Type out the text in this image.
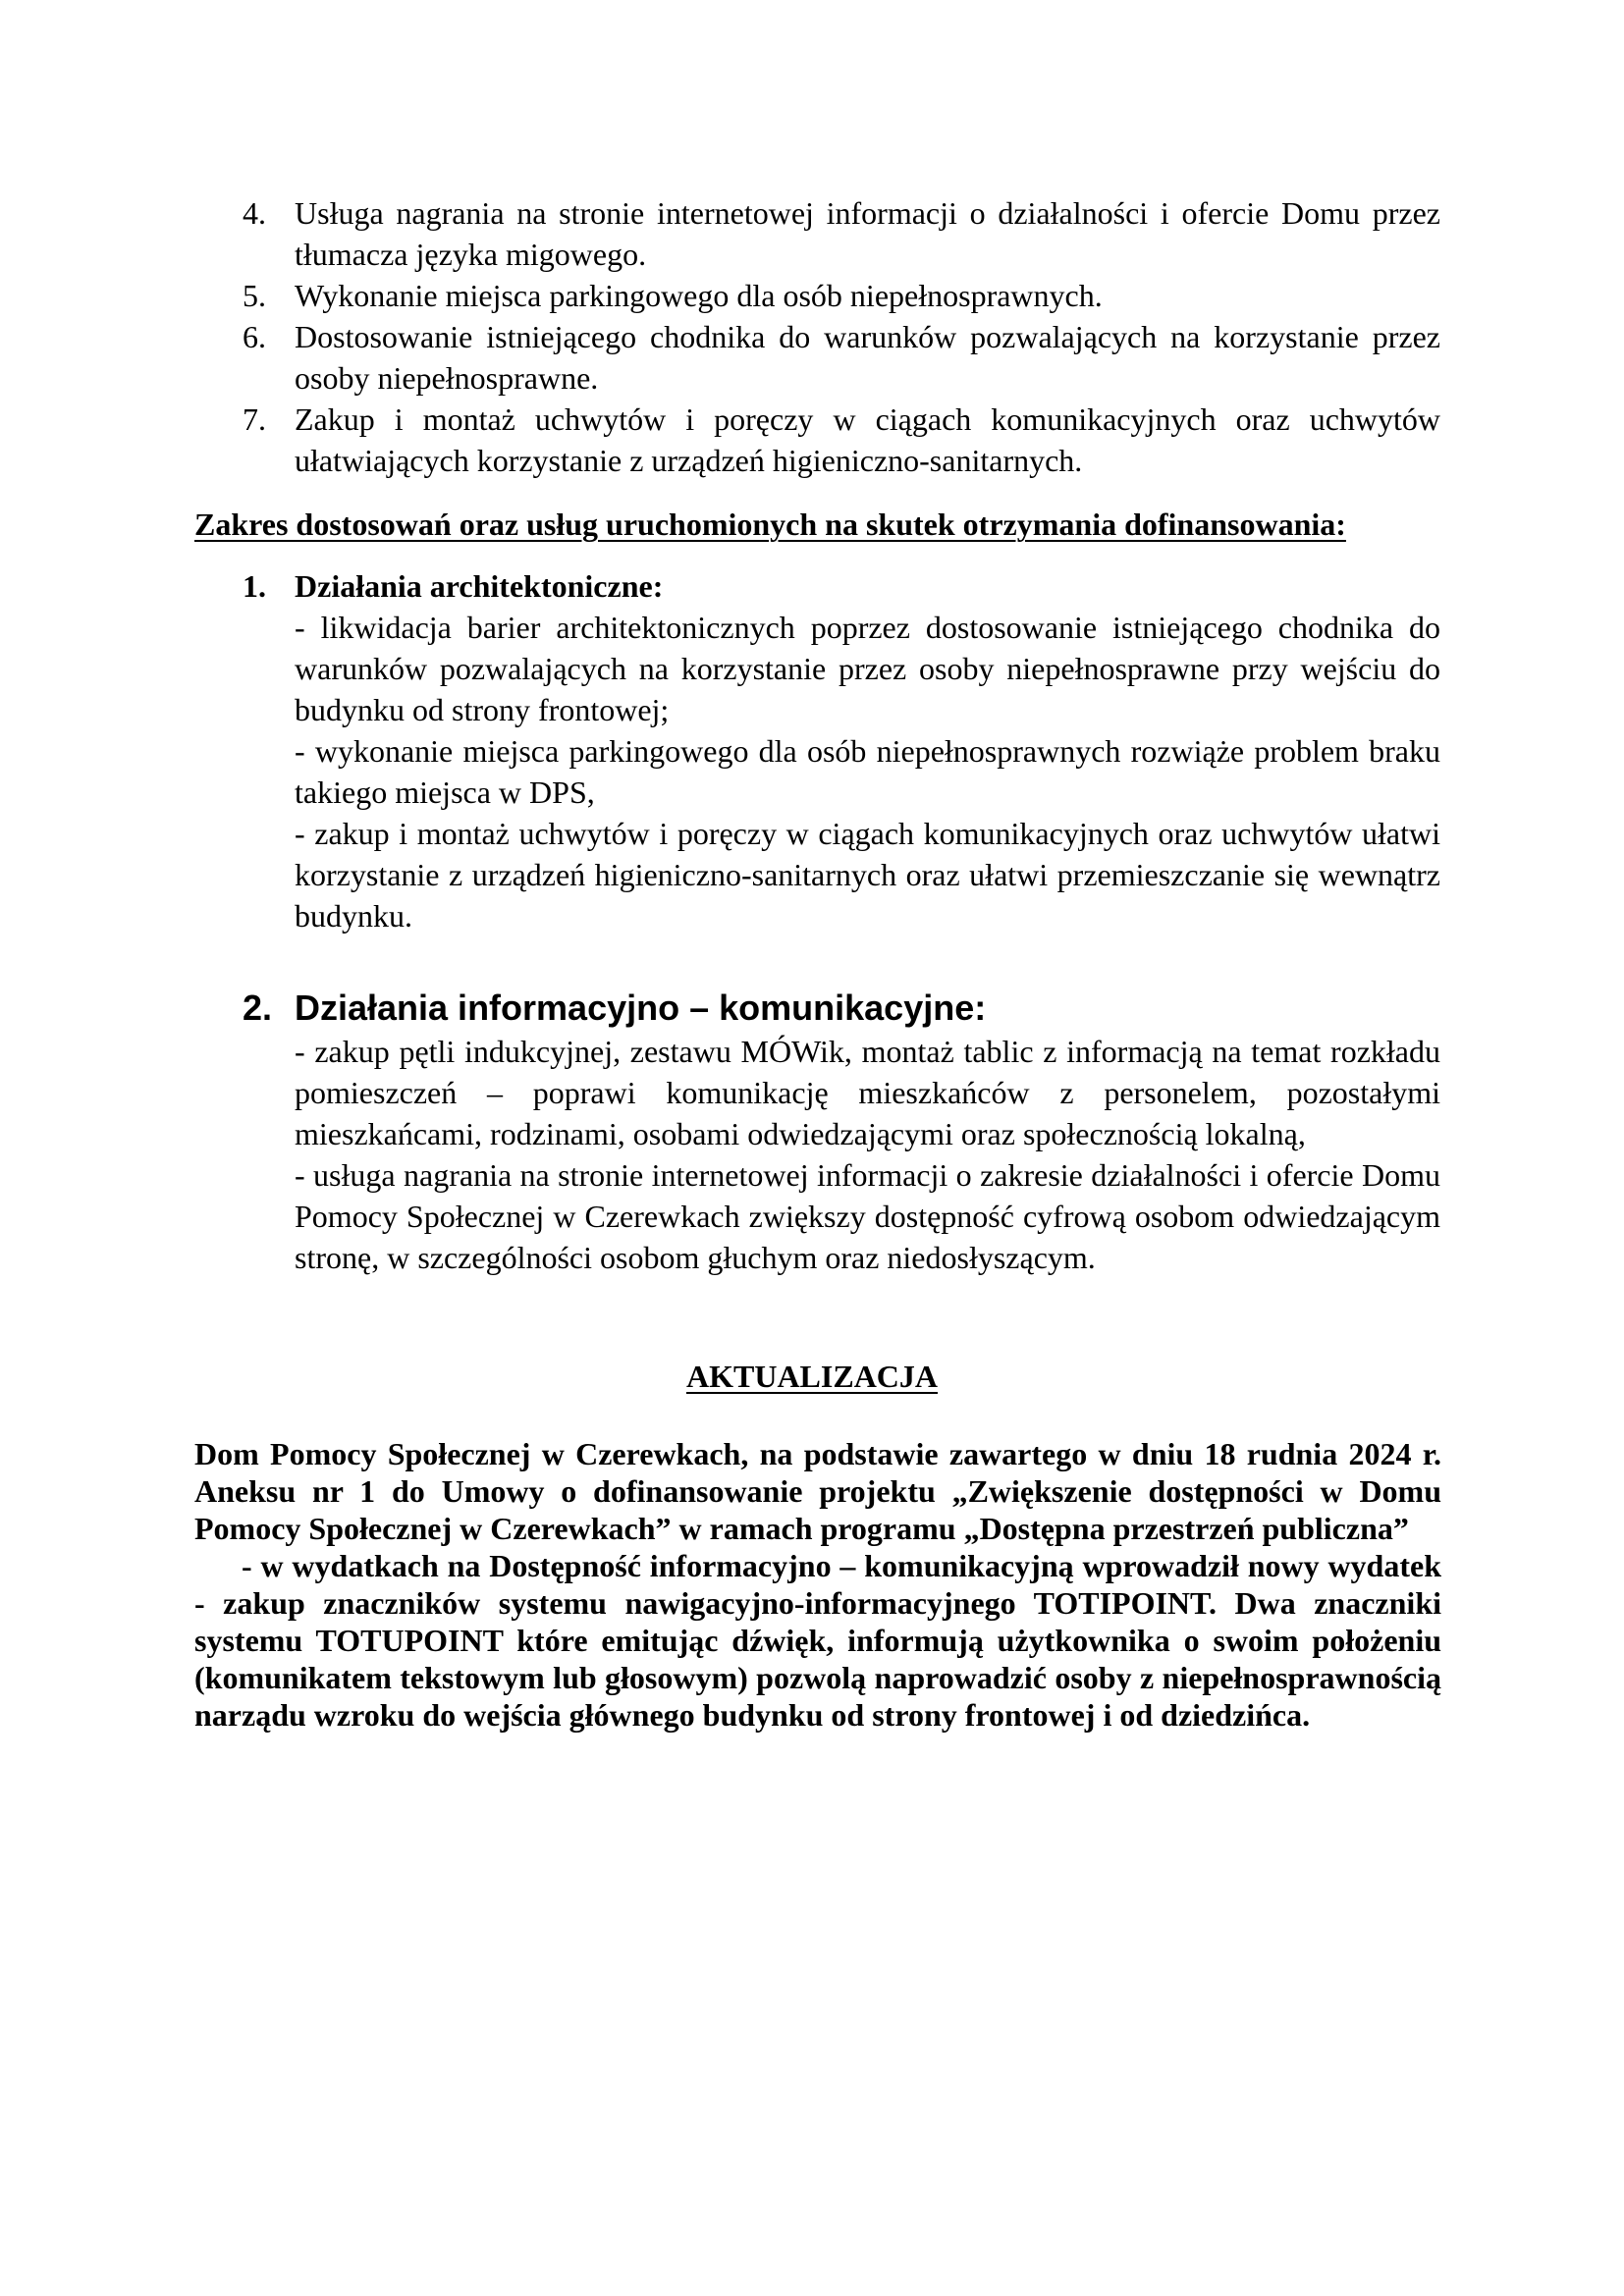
4. Usługa nagrania na stronie internetowej informacji o działalności i ofercie Domu przez tłumacza języka migowego.
5. Wykonanie miejsca parkingowego dla osób niepełnosprawnych.
6. Dostosowanie istniejącego chodnika do warunków pozwalających na korzystanie przez osoby niepełnosprawne.
7. Zakup i montaż uchwytów i poręczy w ciągach komunikacyjnych oraz uchwytów ułatwiających korzystanie z urządzeń higieniczno-sanitarnych.
Zakres dostosowań oraz usług uruchomionych na skutek otrzymania dofinansowania:
1. Działania architektoniczne:
- likwidacja barier architektonicznych poprzez dostosowanie istniejącego chodnika do warunków pozwalających na korzystanie przez osoby niepełnosprawne przy wejściu do budynku od strony frontowej;
- wykonanie miejsca parkingowego dla osób niepełnosprawnych rozwiąże problem braku takiego miejsca w DPS,
- zakup i montaż uchwytów i poręczy w ciągach komunikacyjnych oraz uchwytów ułatwi korzystanie z urządzeń higieniczno-sanitarnych oraz ułatwi przemieszczanie się wewnątrz budynku.
2. Działania informacyjno – komunikacyjne:
- zakup pętli indukcyjnej, zestawu MÓWik, montaż tablic z informacją na temat rozkładu pomieszczeń – poprawi komunikację mieszkańców z personelem, pozostałymi mieszkańcami, rodzinami, osobami odwiedzającymi oraz społecznością lokalną,
- usługa nagrania na stronie internetowej informacji o zakresie działalności i ofercie Domu Pomocy Społecznej w Czerewkach zwiększy dostępność cyfrową osobom odwiedzającym stronę, w szczególności osobom głuchym oraz niedosłyszącym.
AKTUALIZACJA

Dom Pomocy Społecznej w Czerewkach, na podstawie zawartego w dniu 18 rudnia 2024 r. Aneksu nr 1 do Umowy o dofinansowanie projektu „Zwiększenie dostępności w Domu Pomocy Społecznej w Czerewkach” w ramach programu „Dostępna przestrzeń publiczna”

- w wydatkach na Dostępność informacyjno – komunikacyjną wprowadził nowy wydatek - zakup znaczników systemu nawigacyjno-informacyjnego TOTIPOINT. Dwa znaczniki systemu TOTUPOINT które emitując dźwięk, informują użytkownika o swoim położeniu (komunikatem tekstowym lub głosowym) pozwolą naprowadzić osoby z niepełnosprawnością narządu wzroku do wejścia głównego budynku od strony frontowej i od dziedzińca.
